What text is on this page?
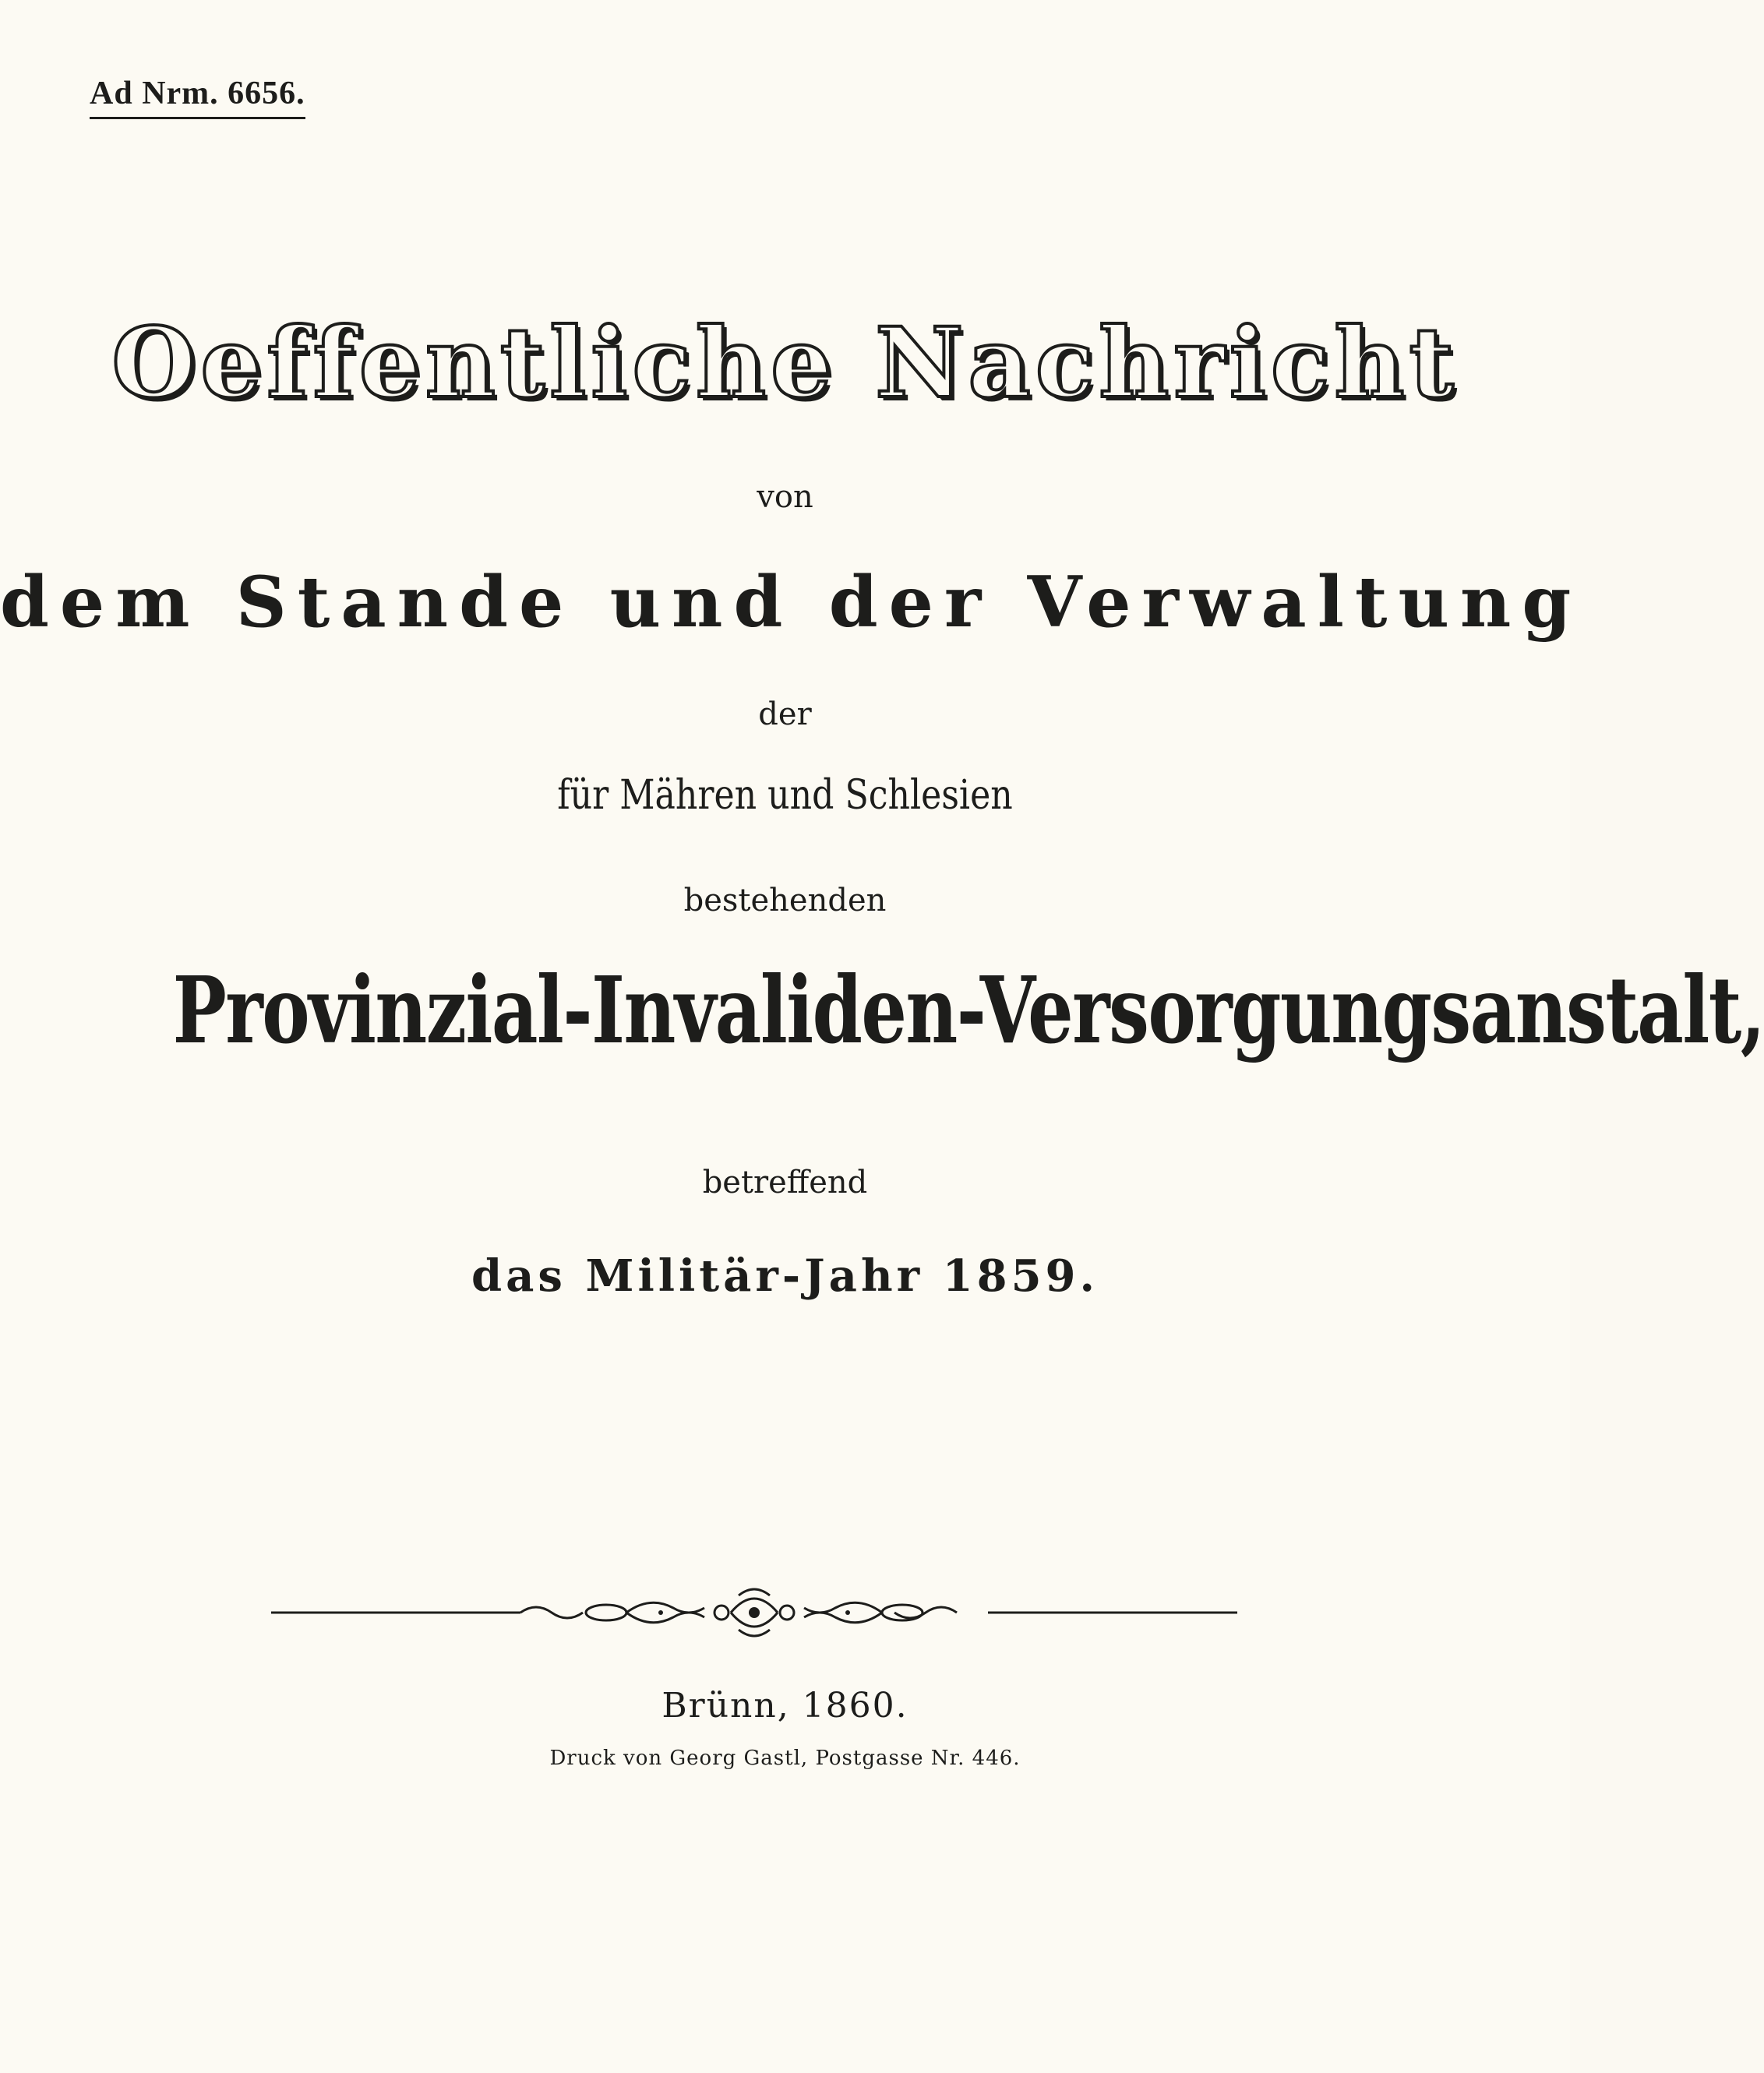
Ad Nrm. 6656.
Oeffentliche Nachricht
von
dem Stande und der Verwaltung
der
für Mähren und Schlesien
bestehenden
Provinzial-Invaliden-Versorgungsanstalt,
betreffend
das Militär-Jahr 1859.
Brünn, 1860.
Druck von Georg Gastl, Postgasse Nr. 446.
